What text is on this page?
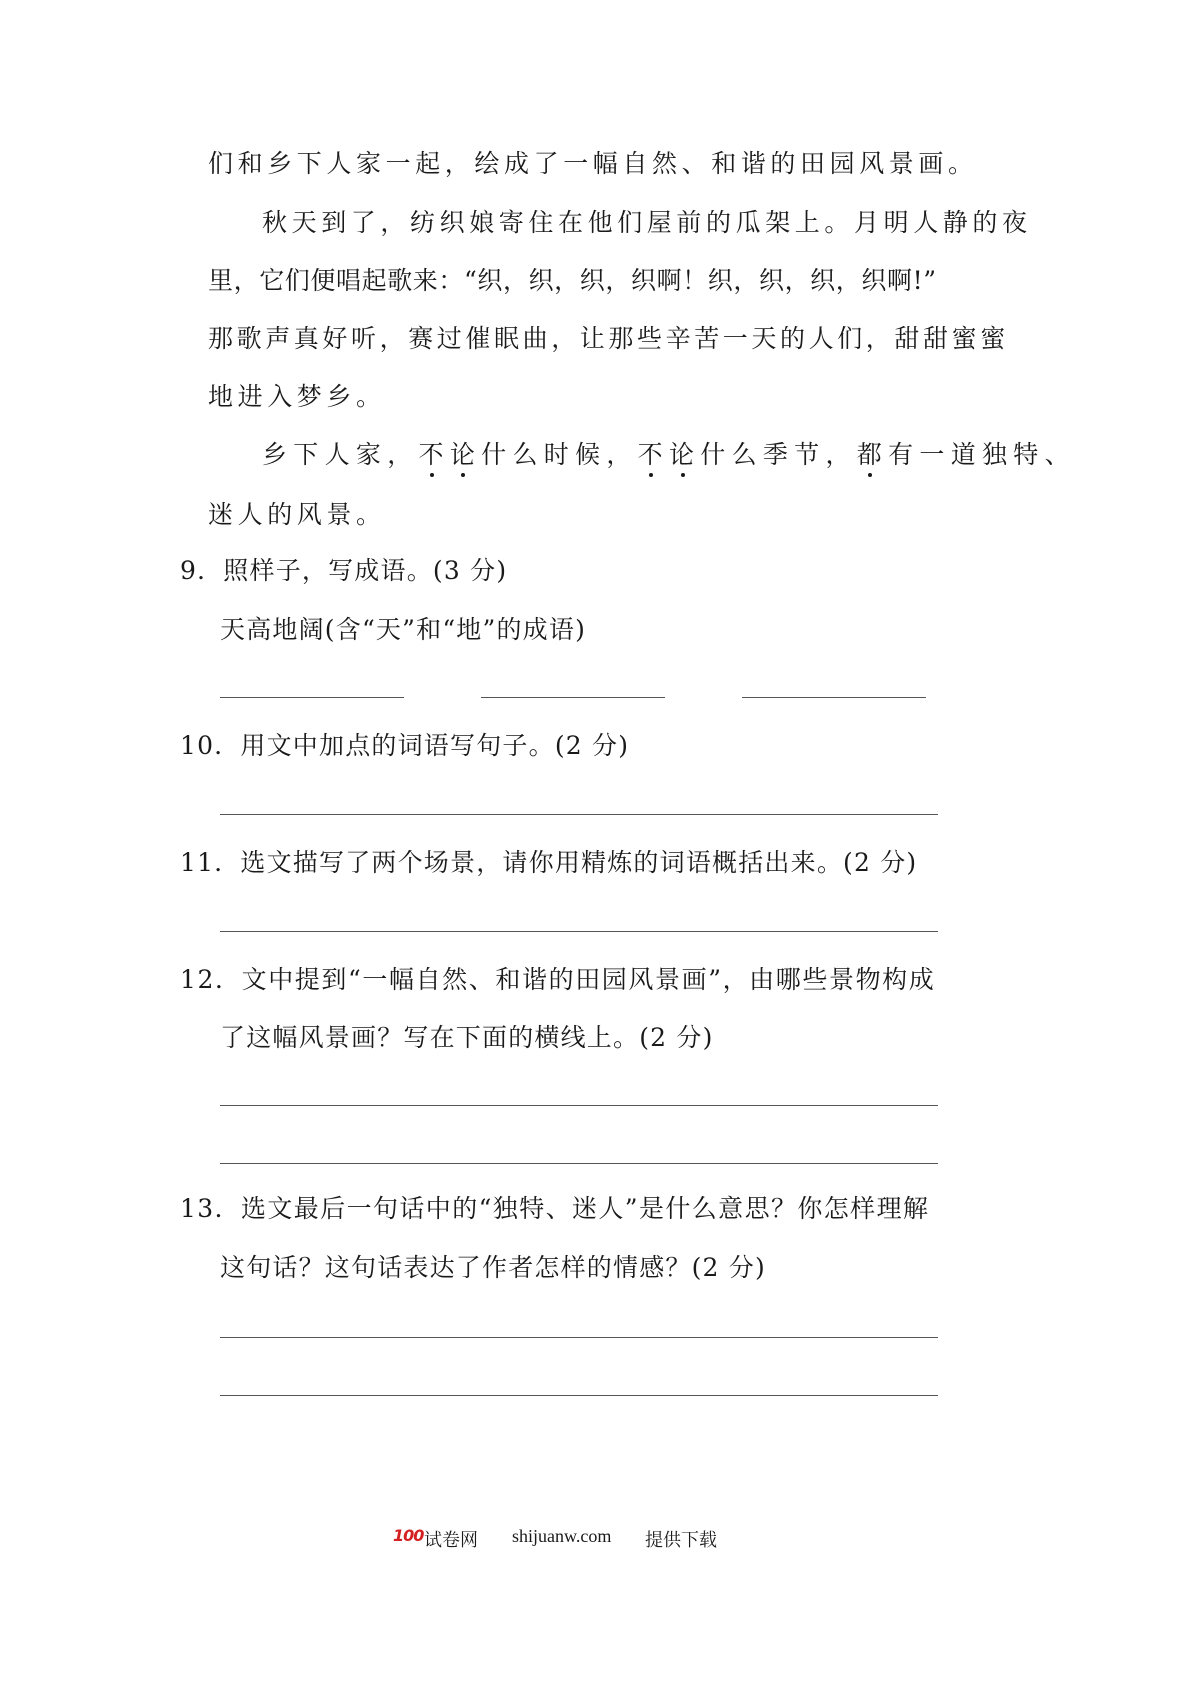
们和乡下人家一起，绘成了一幅自然、和谐的田园风景画。
秋天到了，纺织娘寄住在他们屋前的瓜架上。月明人静的夜
里，它们便唱起歌来：“织，织，织，织啊！织，织，织，织啊!”
那歌声真好听，赛过催眠曲，让那些辛苦一天的人们，甜甜蜜蜜
地进入梦乡。
乡下人家，不论什么时候，不论什么季节，都有一道独特、
迷人的风景。
9．照样子，写成语。(3 分)
天高地阔(含“天”和“地”的成语)
10．用文中加点的词语写句子。(2 分)
11．选文描写了两个场景，请你用精炼的词语概括出来。(2 分)
12．文中提到“一幅自然、和谐的田园风景画”，由哪些景物构成
了这幅风景画？写在下面的横线上。(2 分)
13．选文最后一句话中的“独特、迷人”是什么意思？你怎样理解
这句话？这句话表达了作者怎样的情感？(2 分)
100 试卷网 shijuanw.com 提供下载
